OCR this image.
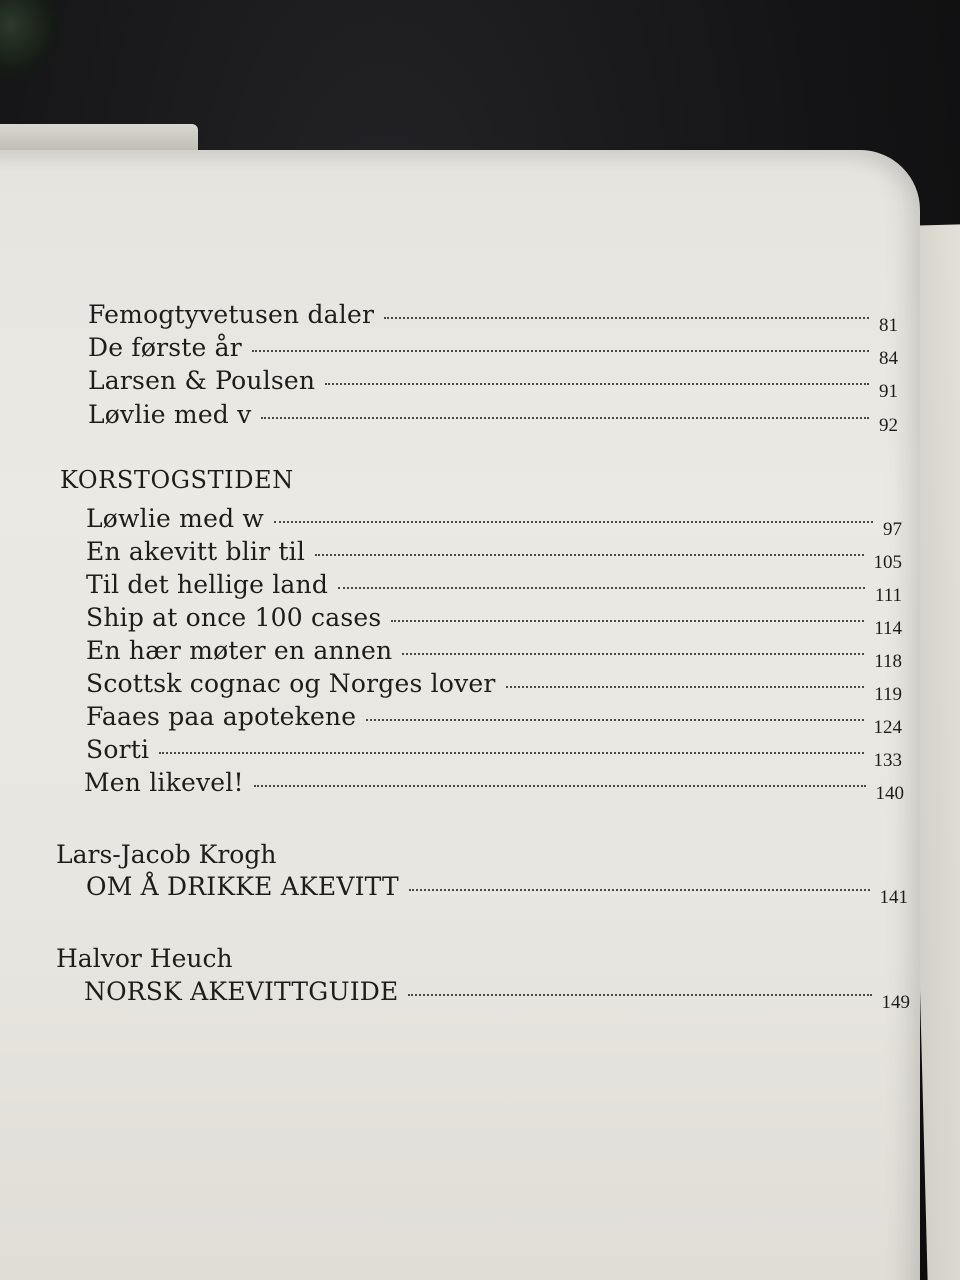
Femogtyvetusen daler	81
De første år	84
Larsen & Poulsen	91
Løvlie med v	92
KORSTOGSTIDEN
Løwlie med w	97
En akevitt blir til	105
Til det hellige land	111
Ship at once 100 cases	114
En hær møter en annen	118
Scottsk cognac og Norges lover	119
Faaes paa apotekene	124
Sorti	133
Men likevel!	140
Lars-Jacob Krogh
OM Å DRIKKE AKEVITT	141
Halvor Heuch
NORSK AKEVITTGUIDE	149
